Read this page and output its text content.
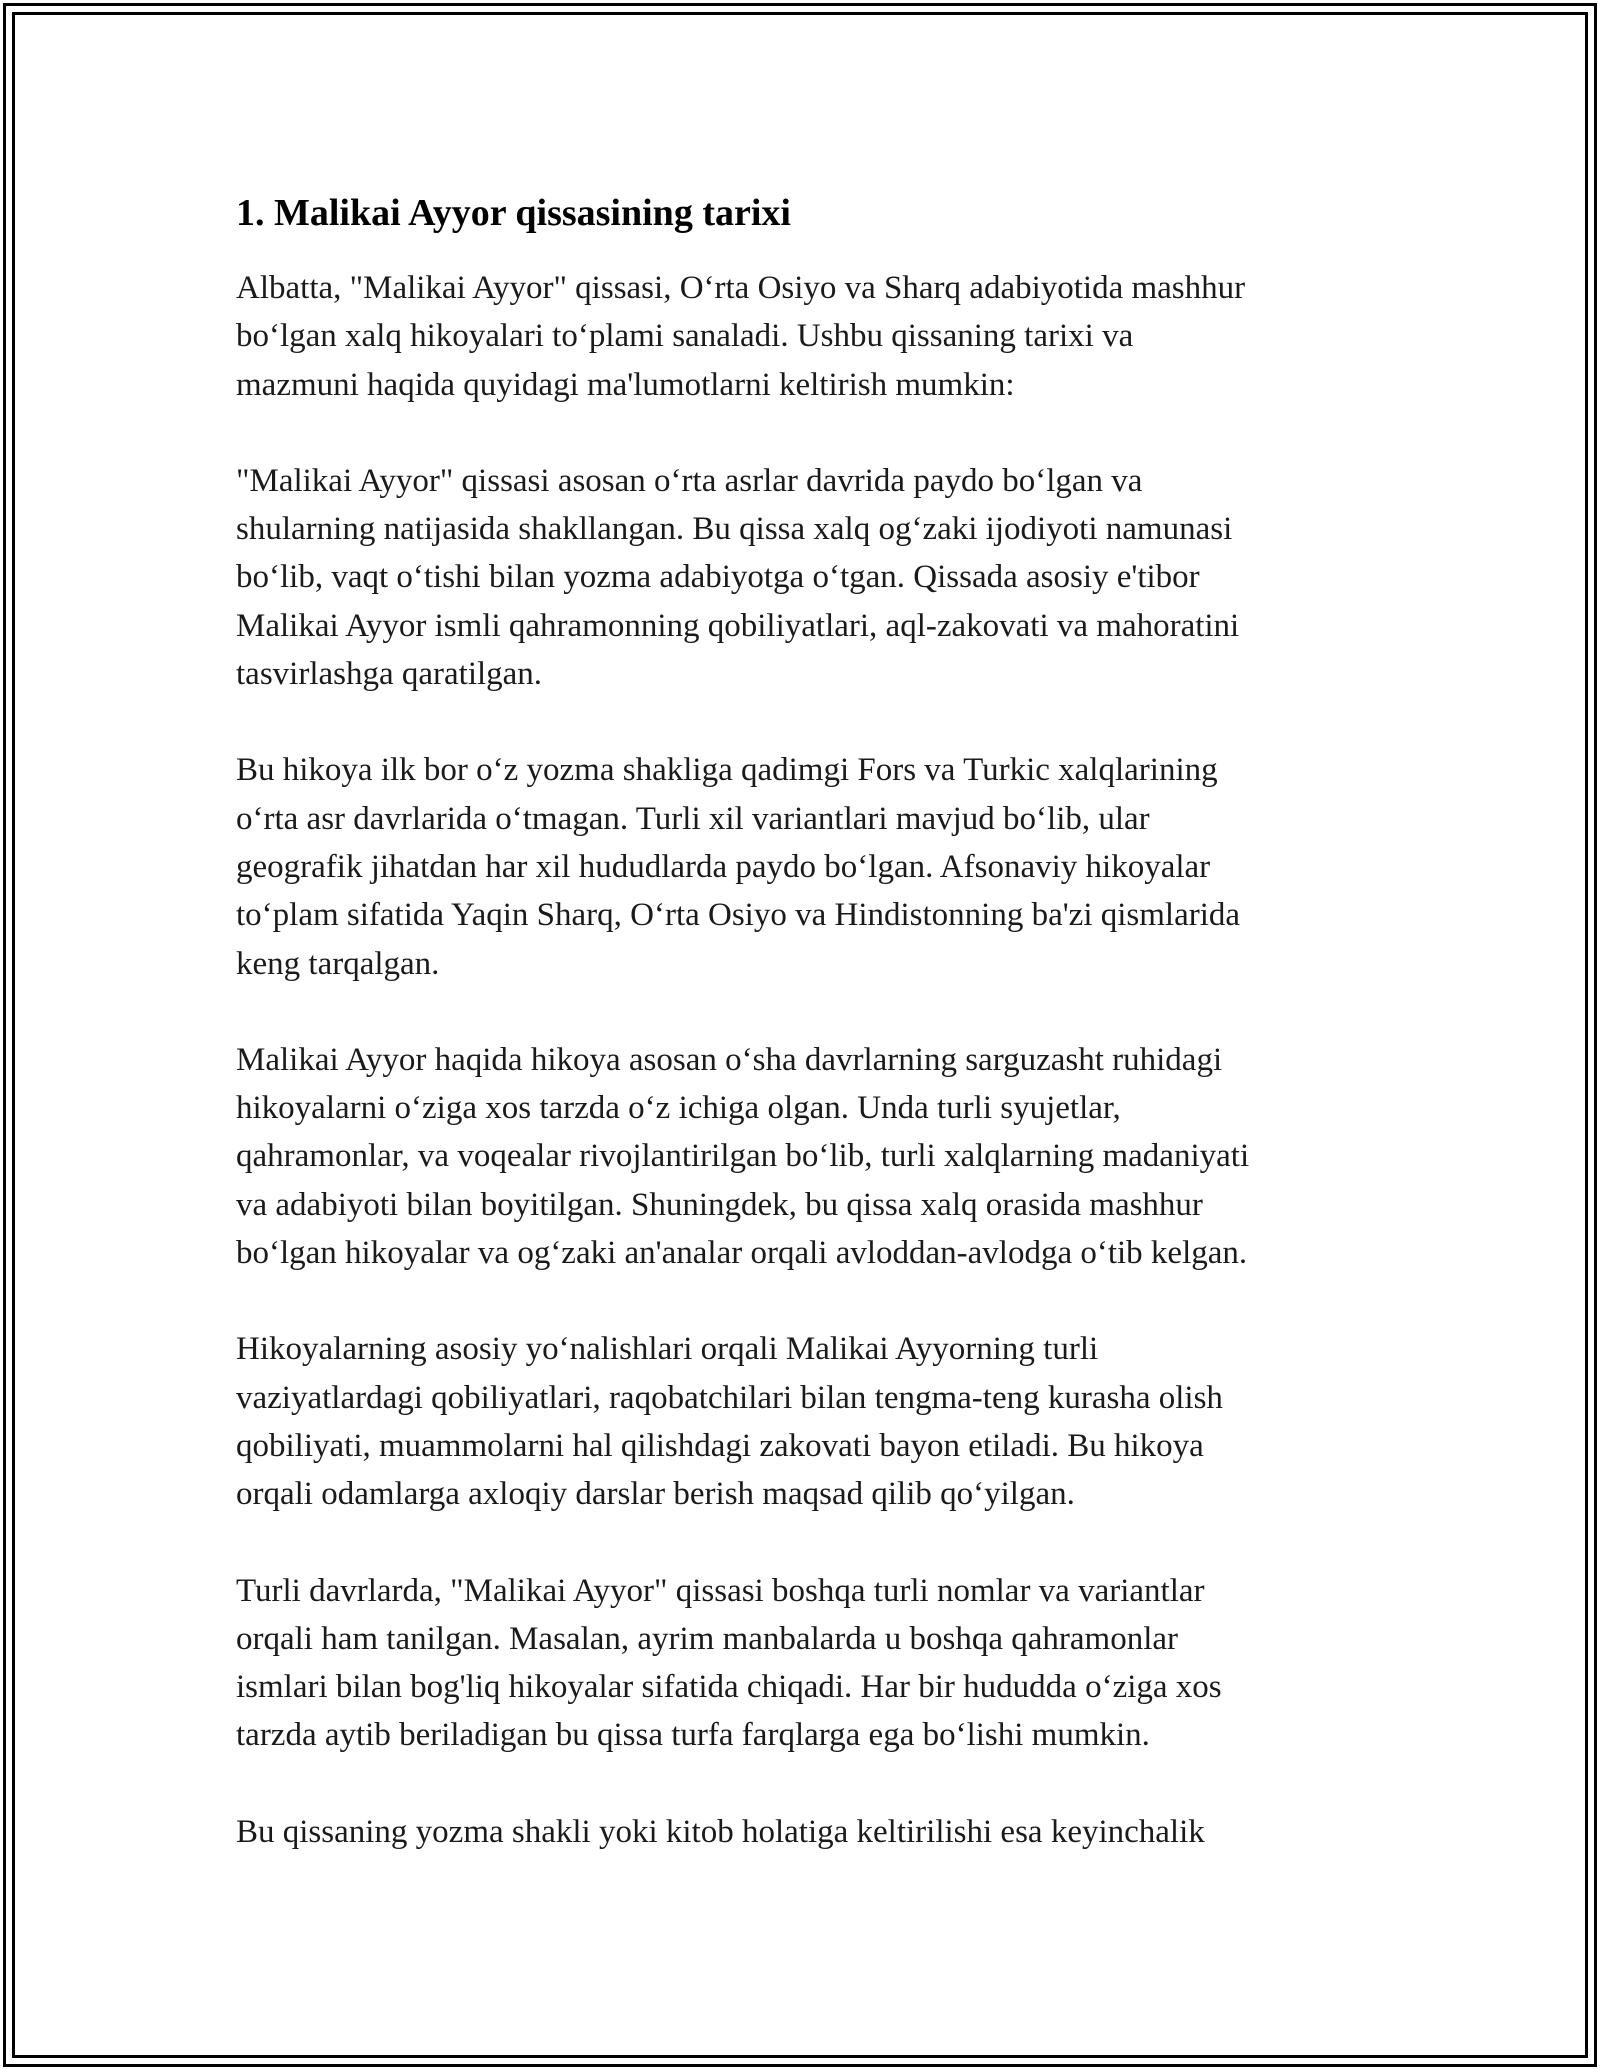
1. Malikai Ayyor qissasining tarixi

Albatta, "Malikai Ayyor" qissasi, O‘rta Osiyo va Sharq adabiyotida mashhur
bo‘lgan xalq hikoyalari to‘plami sanaladi. Ushbu qissaning tarixi va
mazmuni haqida quyidagi ma'lumotlarni keltirish mumkin:

"Malikai Ayyor" qissasi asosan o‘rta asrlar davrida paydo bo‘lgan va
shularning natijasida shakllangan. Bu qissa xalq og‘zaki ijodiyoti namunasi
bo‘lib, vaqt o‘tishi bilan yozma adabiyotga o‘tgan. Qissada asosiy e'tibor
Malikai Ayyor ismli qahramonning qobiliyatlari, aql-zakovati va mahoratini
tasvirlashga qaratilgan.

Bu hikoya ilk bor o‘z yozma shakliga qadimgi Fors va Turkic xalqlarining
o‘rta asr davrlarida o‘tmagan. Turli xil variantlari mavjud bo‘lib, ular
geografik jihatdan har xil hududlarda paydo bo‘lgan. Afsonaviy hikoyalar
to‘plam sifatida Yaqin Sharq, O‘rta Osiyo va Hindistonning ba'zi qismlarida
keng tarqalgan.

Malikai Ayyor haqida hikoya asosan o‘sha davrlarning sarguzasht ruhidagi
hikoyalarni o‘ziga xos tarzda o‘z ichiga olgan. Unda turli syujetlar,
qahramonlar, va voqealar rivojlantirilgan bo‘lib, turli xalqlarning madaniyati
va adabiyoti bilan boyitilgan. Shuningdek, bu qissa xalq orasida mashhur
bo‘lgan hikoyalar va og‘zaki an'analar orqali avloddan-avlodga o‘tib kelgan.

Hikoyalarning asosiy yo‘nalishlari orqali Malikai Ayyorning turli
vaziyatlardagi qobiliyatlari, raqobatchilari bilan tengma-teng kurasha olish
qobiliyati, muammolarni hal qilishdagi zakovati bayon etiladi. Bu hikoya
orqali odamlarga axloqiy darslar berish maqsad qilib qo‘yilgan.

Turli davrlarda, "Malikai Ayyor" qissasi boshqa turli nomlar va variantlar
orqali ham tanilgan. Masalan, ayrim manbalarda u boshqa qahramonlar
ismlari bilan bog'liq hikoyalar sifatida chiqadi. Har bir hududda o‘ziga xos
tarzda aytib beriladigan bu qissa turfa farqlarga ega bo‘lishi mumkin.

Bu qissaning yozma shakli yoki kitob holatiga keltirilishi esa keyinchalik
